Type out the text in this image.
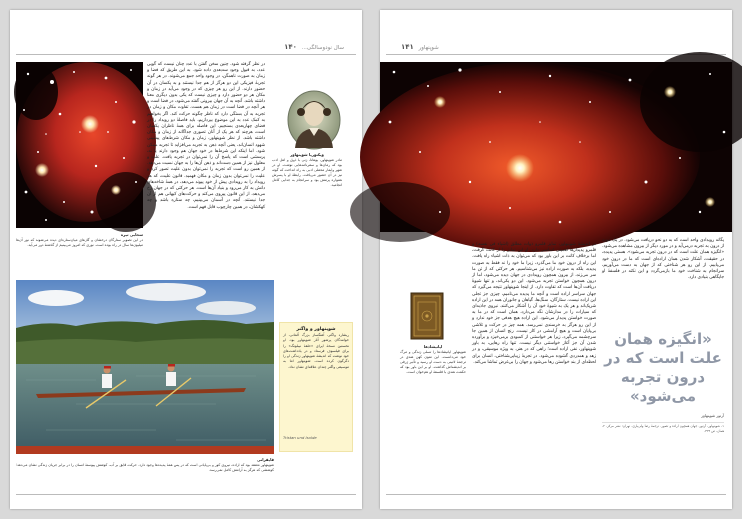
سال نودوسالگی... ۱۴۰
سحابی تیره
در این تصویر ستارگان درخشان و گازهای میان‌ستاره‌ای دیده می‌شوند که نور آن‌ها میلیون‌ها سال در راه بوده است. نوری که امروز می‌بینیم از گذشتهٔ دور می‌آید.
ویکتوریا شوپنهاور
مادر شوپنهاور، یوهانا، زنی با ذوق و اهل ادب بود که رمان‌ها و سفرنامه‌هایی نوشت. او در شهر وایمار محفلی ادبی به راه انداخت که گوته نیز در آن حضور می‌یافت. رابطهٔ او با پسرش همواره پرتنش بود و سرانجام به جدایی کامل انجامید.
در نظر گرفته شود. چنین سخن گفتن با عدد چنان نیست که گویی عدد، به قبول وجود سه‌بعدی داده شود. به این طریق که فضا و زمان به صورت ناهمگن، در وجود واحد جمع می‌شوند. در هر گونه تجربهٔ فیزیکی این دو هرگز از هم جدا نیستند و به یکسان در آن حضور دارند. از این رو هر چیزی که در وجود می‌آید در زمان و مکان هر دو حضور دارد و چیزی نیست که یکی بدون دیگری معنا داشته باشد. آنچه به آن جهان بیرونی گفته می‌شود، در فضا است و هر آنچه در فضا است در زمان هم هست. تفاوت مکان و زمان در تجربه به آن بستگی دارد که ناظر چگونه حرکت کند. اگر بخواهیم به کمک عدد به این موضوع بپردازیم، باید فاصلهٔ دو رویداد را در فضای چهاربعدی بسنجیم. این فاصله برای همهٔ ناظران یکسان است، هرچند که هر یک از آنان تصوری جداگانه از زمان و مکان داشته باشد. از نظر شوپنهاور، زمان و مکان شرط‌های پیشینی شهود انسان‌اند، یعنی آنچه ذهن به تجربه می‌افزاید تا تجربه ممکن شود. اما اینکه این شرط‌ها در خود جهان هم وجود دارند یا نه، پرسشی است که پاسخ آن را نمی‌توان در تجربه یافت. علت و معلول نیز از همین دست‌اند و ذهن آن‌ها را به جهان نسبت می‌دهد. از همین رو است که تجربه را نمی‌توان بدون علیت تصور کرد و علیت را نمی‌توان بدون زمان و مکان فهمید. قانون علیت، که هر رویداد را به رویدادی پیش از خود پیوند می‌دهد، در همهٔ شاخه‌های دانش به کار می‌رود و بنیاد آن‌ها است. هر حرکتی که در جهان رخ می‌دهد، از این قانون پیروی می‌کند و حرکت‌های کیهانی هم از آن جدا نیستند. آنچه در آسمان می‌بینیم، چه ستاره باشد و چه کهکشان، در همین چارچوب قابل فهم است.
قایقرانی
شوپنهاور معتقد بود که اراده، نیروی کور و بی‌پایانی است که در پس همهٔ پدیده‌ها وجود دارد. حرکت قایق بر آب، کوشش پیوستهٔ انسان را در برابر جریان زندگی نشان می‌دهد؛ کوششی که هرگز به آرامش کامل نمی‌رسد.
شوپنهاور و واگنر
ریشارد واگنر، آهنگساز بزرگ آلمانی، از خوانندگان پرشور آثار شوپنهاور بود. او نخستین نسخهٔ اپرای «حلقهٔ نیبلونگ» را برای فیلسوف فرستاد و در یادداشت‌های خود نوشت که اندیشهٔ شوپنهاور زندگی او را دگرگون کرده است. شوپنهاور اما به موسیقی واگنر چندان علاقه‌ای نشان نداد.
Tristan und Isolde
۱۴۱ شوپنهاور
یگانه رویدادی واحد است که به دو نحو دریافت می‌شود. در یک مورد از درون به تجربه درمی‌آید و در مورد دیگر از بیرون مشاهده می‌شود. «انگیزه همان علت است که در درون تجربه می‌شود». هستی پدیده، در حقیقت، آشکار شدن همان اراده‌ای است که ما در درون خود می‌یابیم. از این رو هر شناختی که از جهان به دست می‌آوریم، سرانجام به شناخت خود ما بازمی‌گردد و این نکته در فلسفهٔ او جایگاهی بنیادی دارد.
«انگیزه همان علت است که در درون تجربه می‌شود»
آرتور شوپنهاور
۱- شوپنهاور، آرتور. جهان همچون اراده و تصور. ترجمهٔ رضا ولی‌یاری. تهران: نشر مرکز. ۲- همان، ص ۳۲۴.
در اندیشهٔ شوپنهاور، تمایز قلمرو ذوات مطلق (اشیاء فی نفسه) و قلمرو پدیدارها اهمیتی اساسی دارد. او این تمایز را از کانت گرفت، اما برخلاف کانت بر این باور بود که می‌توان به ذات اشیاء راه یافت. این راه از درون خود ما می‌گذرد، زیرا ما خود را نه فقط به صورت پدیده، بلکه به صورت اراده نیز می‌شناسیم. هر حرکتی که از تن ما سر می‌زند، از بیرون همچون رویدادی در جهان دیده می‌شود، اما از درون همچون خواستن تجربه می‌شود. این دو یکی‌اند، و تنها شیوهٔ دریافت آن‌ها است که تفاوت دارد. از اینجا شوپنهاور نتیجه می‌گیرد که جهان سراسر اراده است و آنچه ما پدیده می‌نامیم، چیزی جز تجلی این اراده نیست. ستارگان، سنگ‌ها، گیاهان و جانوران همه در این اراده شریک‌اند و هر یک به شیوهٔ خود آن را آشکار می‌کنند. نیروی جاذبه‌ای که سیارات را در مدارشان نگه می‌دارد، همان است که در ما به صورت خواستن پدیدار می‌شود. این اراده هیچ هدفی جز خود ندارد و از این رو هرگز به خرسندی نمی‌رسد. همه چیز در حرکت و تلاشی بی‌پایان است و هیچ آرامشی در کار نیست. رنج انسان از همین جا سرچشمه می‌گیرد، زیرا هر خواستنی از کمبودی برمی‌خیزد و برآورده شدن آن جز آغاز خواستنی دیگر نیست. تنها راه رهایی، به باور شوپنهاور، نفی اراده است؛ راهی که در هنر، به ویژه موسیقی، و در زهد و همدردی گشوده می‌شود. در تجربهٔ زیبایی‌شناختی، انسان برای لحظه‌ای از بند خواستن رها می‌شود و جهان را بی‌غرض تماشا می‌کند.
اپانیشادها
شوپنهاور اپانیشادها را تسلی زندگی و مرگ خود می‌دانست. این متون کهن هندی در ترجمهٔ لاتینی به دست او رسید و تأثیر ژرفی بر اندیشه‌اش گذاشت. او بر این باور بود که حکمت هندی با فلسفهٔ او هم‌خوان است.
